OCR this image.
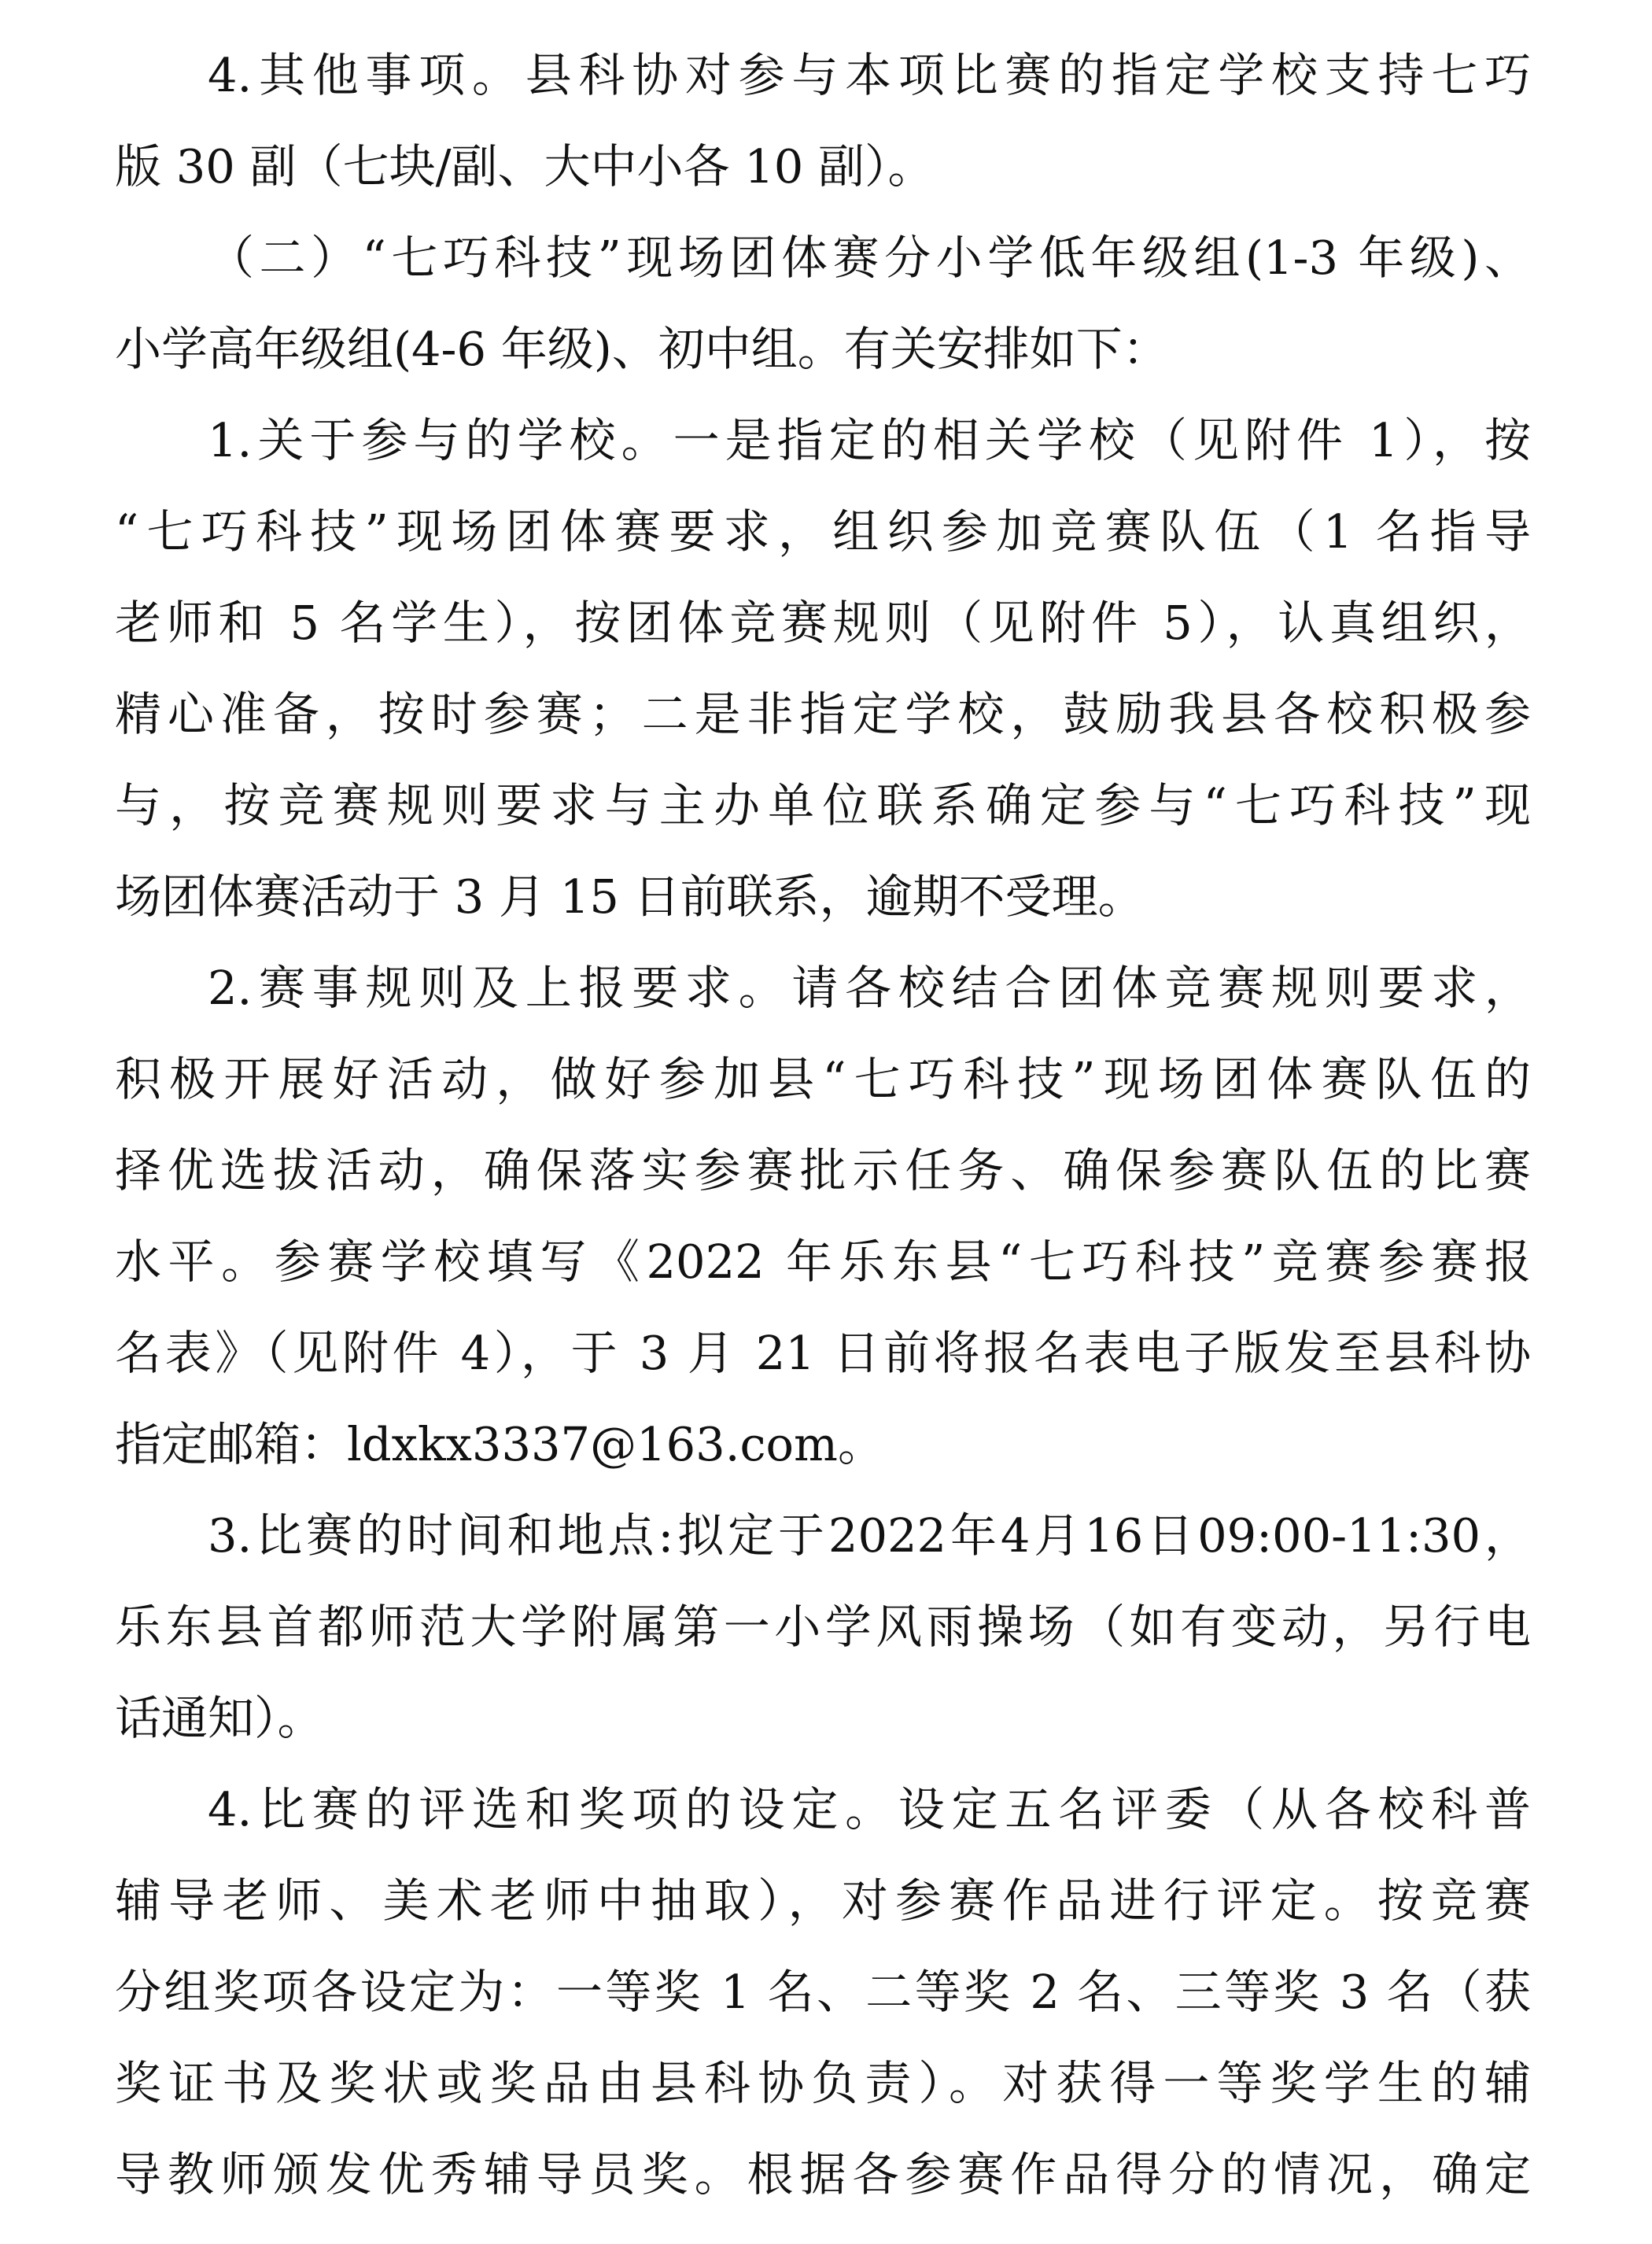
4.其他事项。县科协对参与本项比赛的指定学校支持七巧
版 30 副（七块/副、大中小各 10 副）。
（二）“七巧科技”现场团体赛分小学低年级组(1-3 年级)、
小学高年级组(4-6 年级)、初中组。有关安排如下：
1.关于参与的学校。一是指定的相关学校（见附件 1），按
“七巧科技”现场团体赛要求，组织参加竞赛队伍（1 名指导
老师和 5 名学生），按团体竞赛规则（见附件 5），认真组织，
精心准备，按时参赛；二是非指定学校，鼓励我县各校积极参
与，按竞赛规则要求与主办单位联系确定参与“七巧科技”现
场团体赛活动于 3 月 15 日前联系，逾期不受理。
2.赛事规则及上报要求。请各校结合团体竞赛规则要求，
积极开展好活动，做好参加县“七巧科技”现场团体赛队伍的
择优选拔活动，确保落实参赛批示任务、确保参赛队伍的比赛
水平。参赛学校填写《2022 年乐东县“七巧科技”竞赛参赛报
名表》（见附件 4），于 3 月 21 日前将报名表电子版发至县科协
指定邮箱：ldxkx3337@163.com。
3.比赛的时间和地点:拟定于2022年4月16日09:00-11:30，
乐东县首都师范大学附属第一小学风雨操场（如有变动，另行电
话通知）。
4.比赛的评选和奖项的设定。设定五名评委（从各校科普
辅导老师、美术老师中抽取），对参赛作品进行评定。按竞赛
分组奖项各设定为：一等奖 1 名、二等奖 2 名、三等奖 3 名（获
奖证书及奖状或奖品由县科协负责）。对获得一等奖学生的辅
导教师颁发优秀辅导员奖。根据各参赛作品得分的情况，确定
